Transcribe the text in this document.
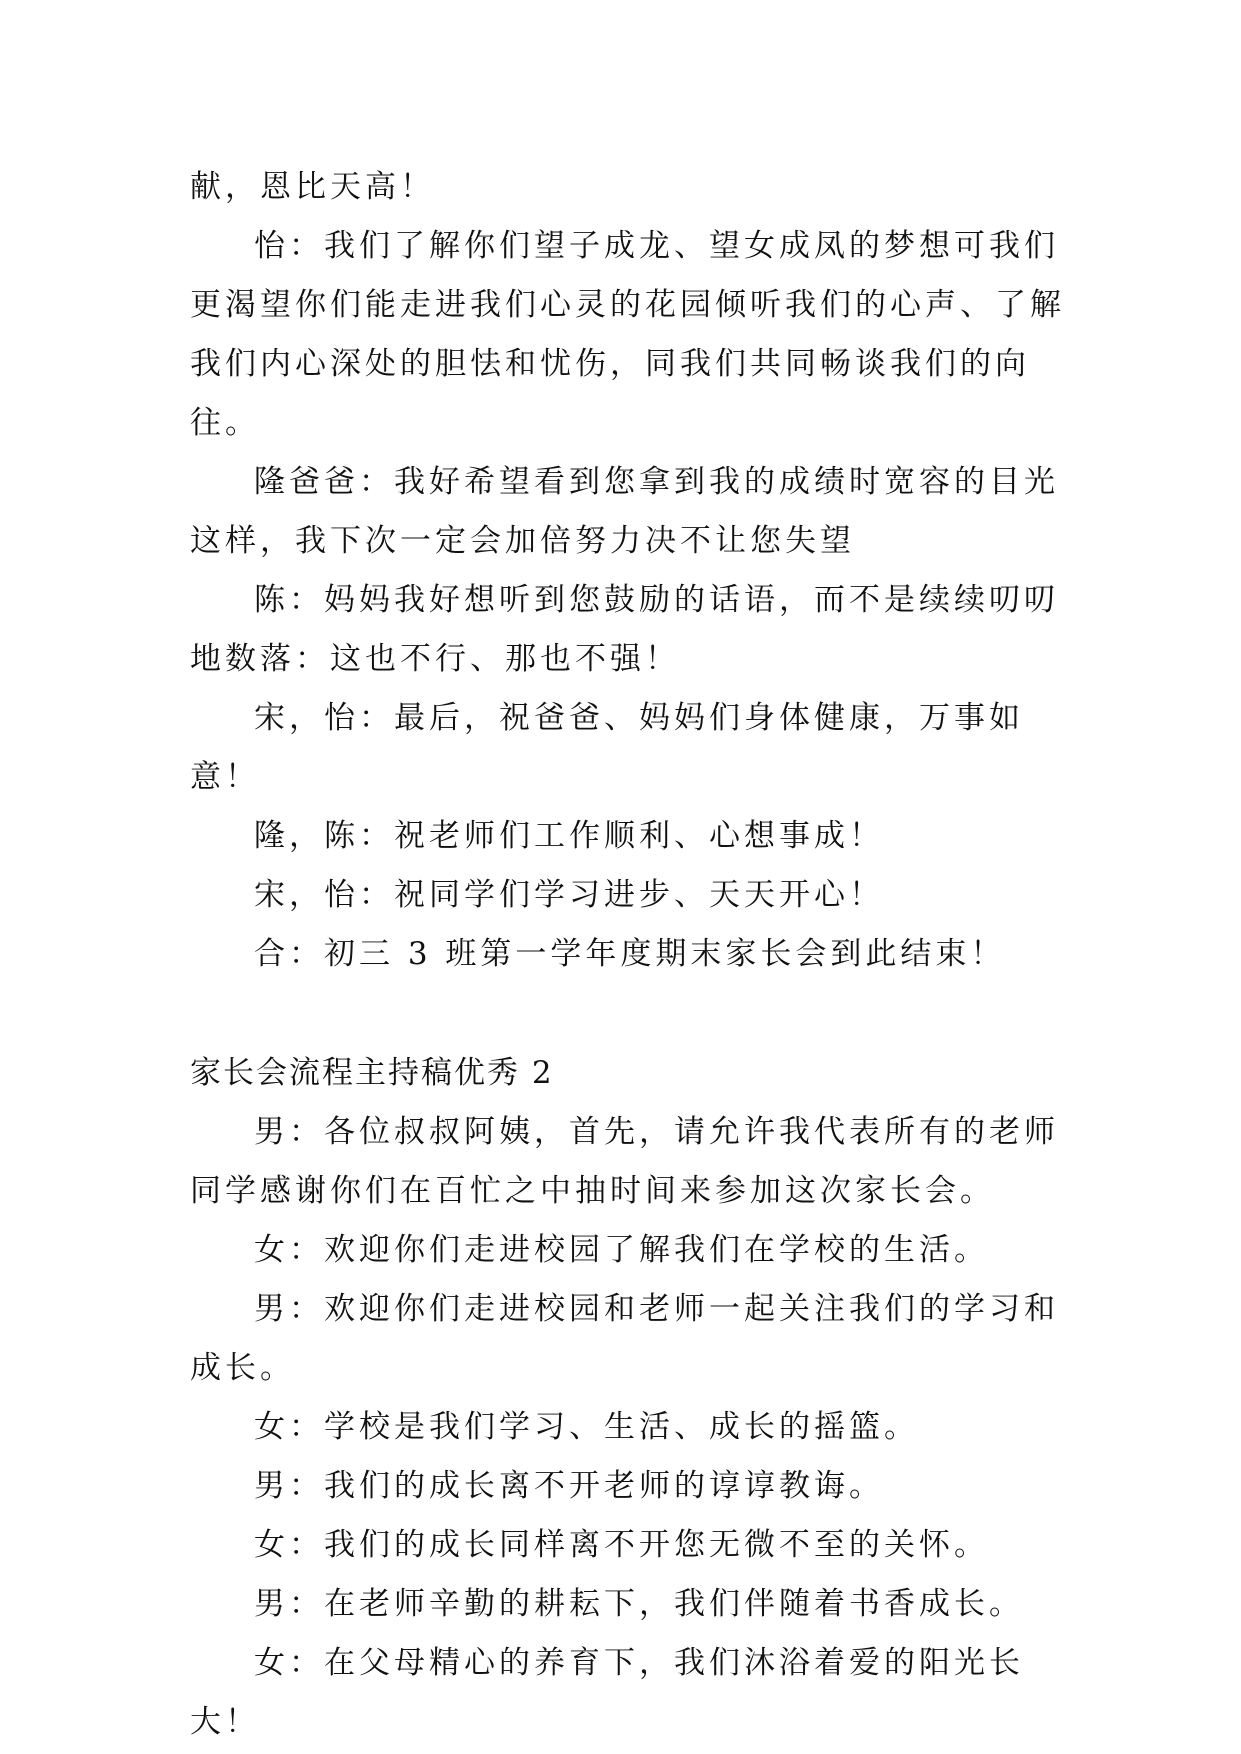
献，恩比天高！

怡：我们了解你们望子成龙、望女成凤的梦想可我们更渴望你们能走进我们心灵的花园倾听我们的心声、了解我们内心深处的胆怯和忧伤，同我们共同畅谈我们的向往。

隆爸爸：我好希望看到您拿到我的成绩时宽容的目光这样，我下次一定会加倍努力决不让您失望

陈：妈妈我好想听到您鼓励的话语，而不是续续叨叨地数落：这也不行、那也不强！

宋，怡：最后，祝爸爸、妈妈们身体健康，万事如意！

隆，陈：祝老师们工作顺利、心想事成！

宋，怡：祝同学们学习进步、天天开心！

合：初三 3 班第一学年度期末家长会到此结束！

家长会流程主持稿优秀 2

男：各位叔叔阿姨，首先，请允许我代表所有的老师同学感谢你们在百忙之中抽时间来参加这次家长会。

女：欢迎你们走进校园了解我们在学校的生活。

男：欢迎你们走进校园和老师一起关注我们的学习和成长。

女：学校是我们学习、生活、成长的摇篮。

男：我们的成长离不开老师的谆谆教诲。

女：我们的成长同样离不开您无微不至的关怀。

男：在老师辛勤的耕耘下，我们伴随着书香成长。

女：在父母精心的养育下，我们沐浴着爱的阳光长大！
